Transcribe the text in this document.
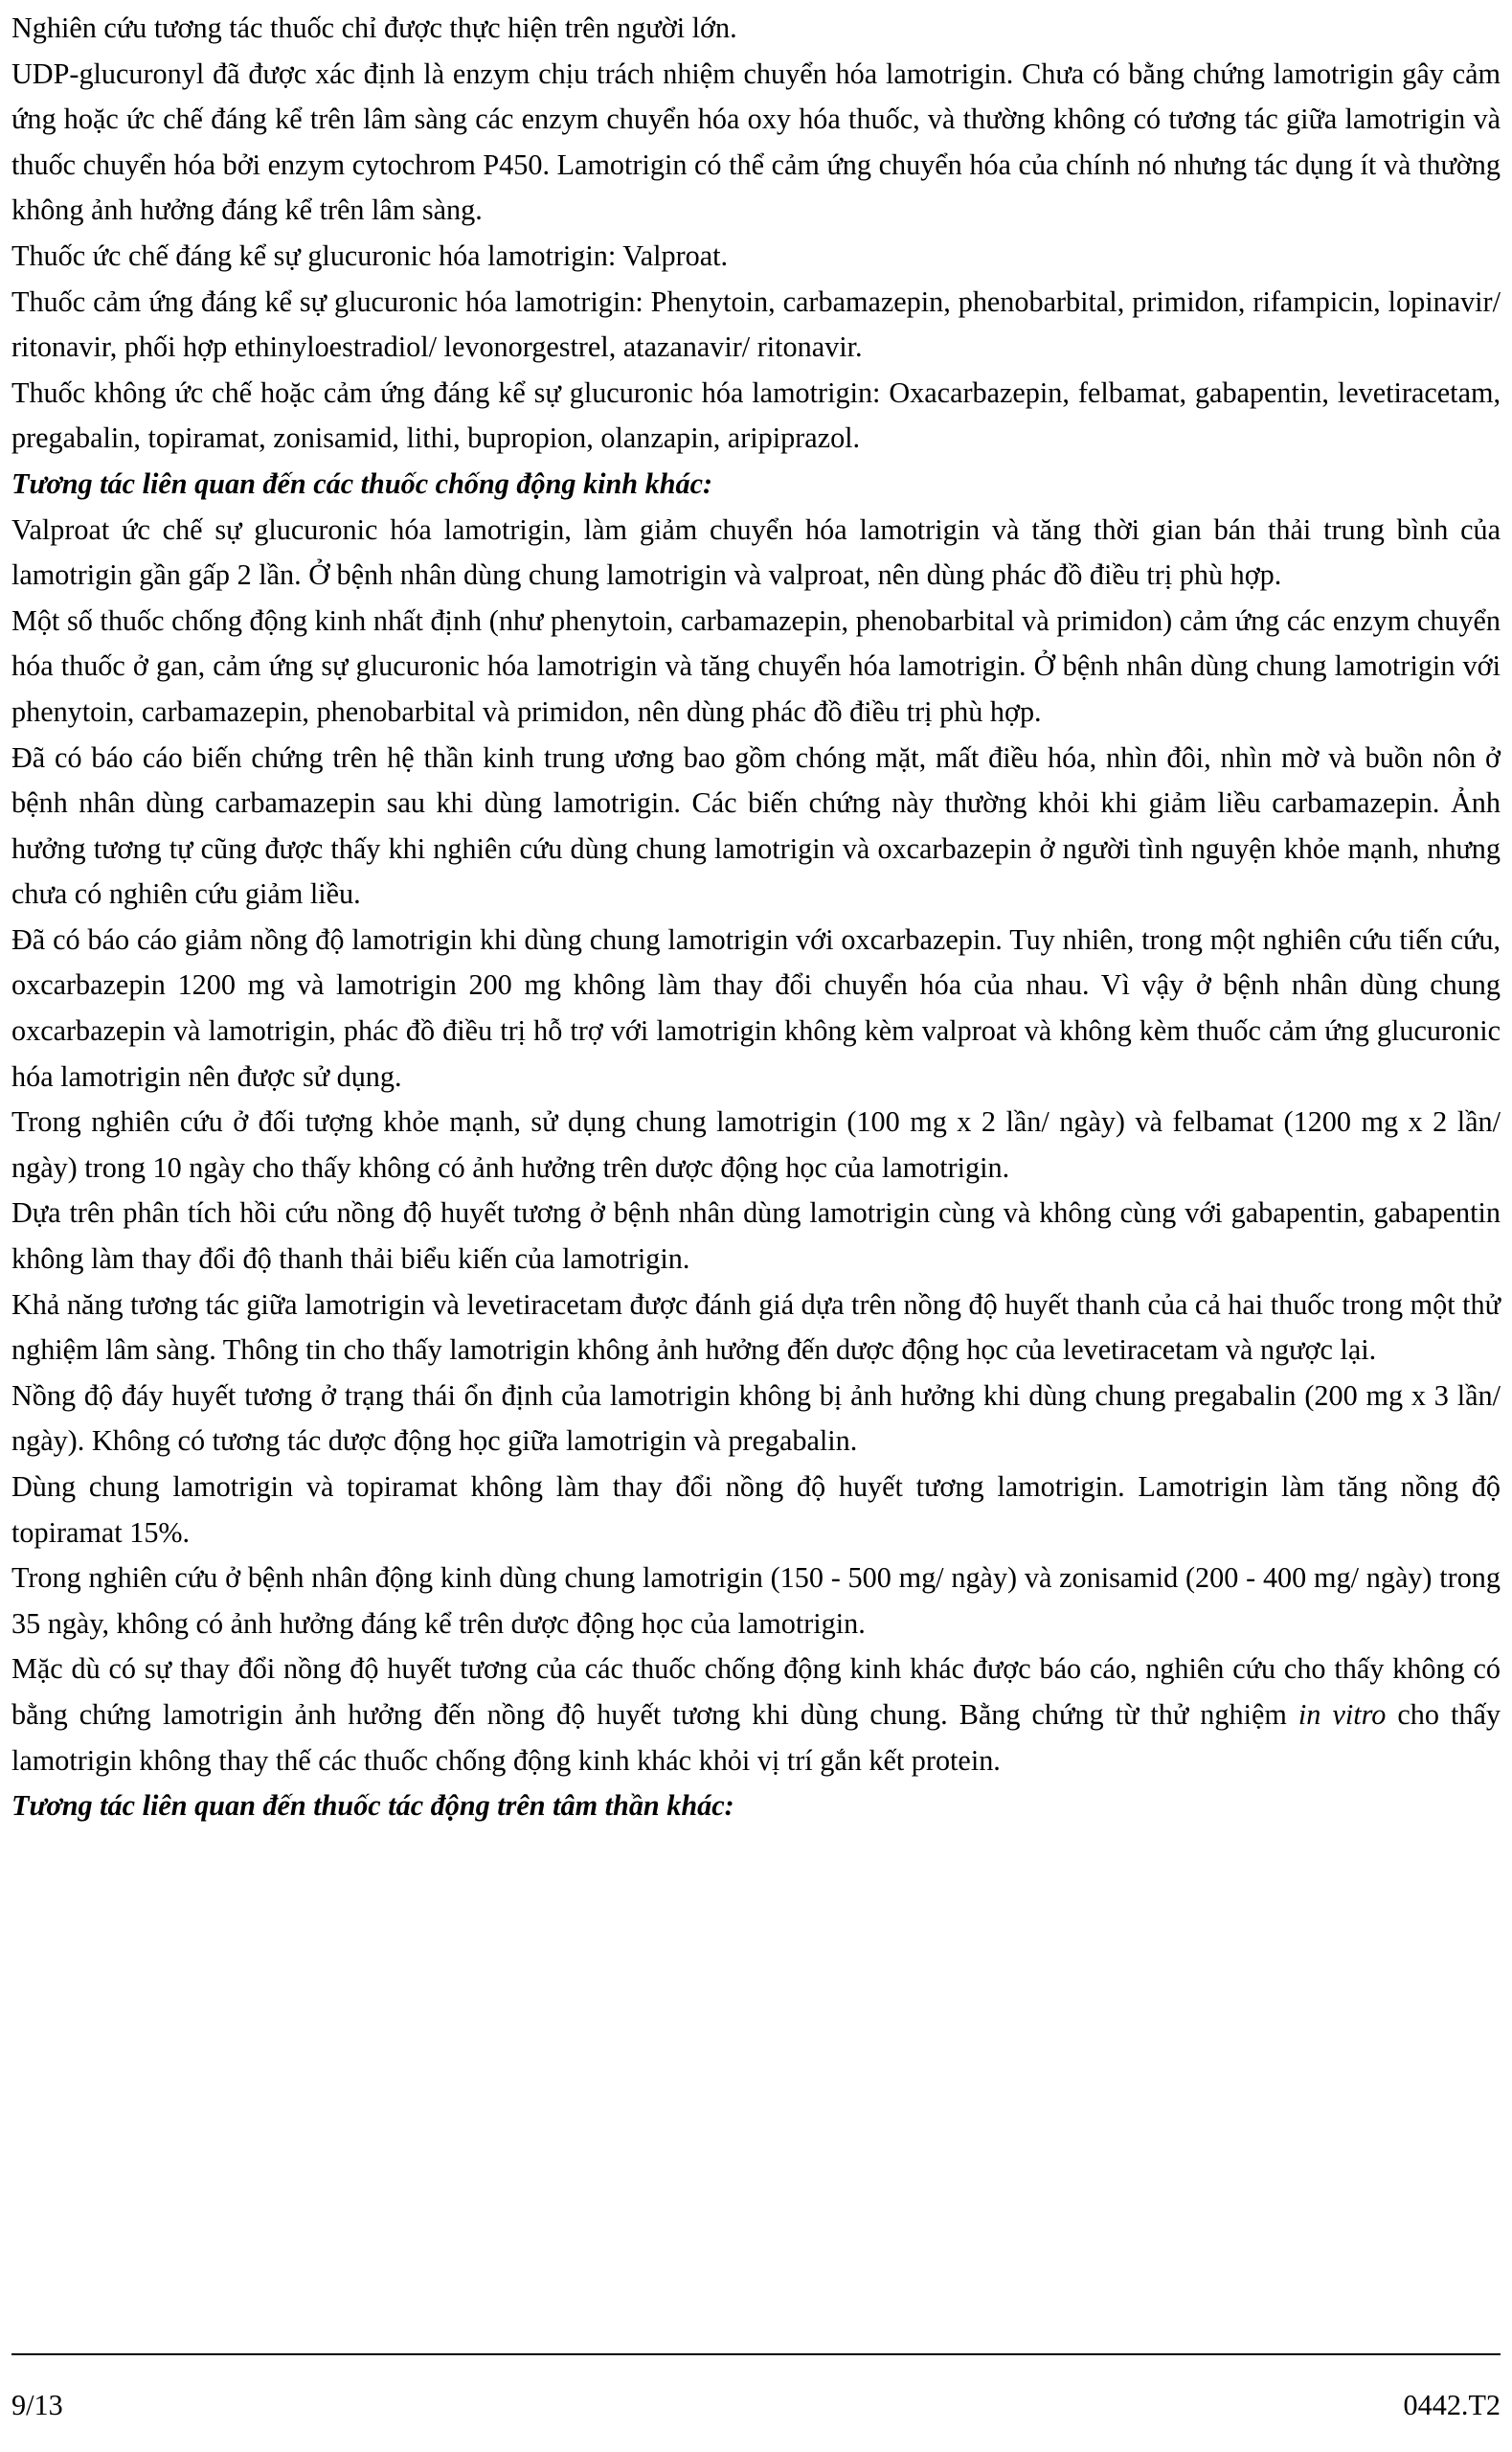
Nghiên cứu tương tác thuốc chỉ được thực hiện trên người lớn.

UDP-glucuronyl đã được xác định là enzym chịu trách nhiệm chuyển hóa lamotrigin. Chưa có bằng chứng lamotrigin gây cảm ứng hoặc ức chế đáng kể trên lâm sàng các enzym chuyển hóa oxy hóa thuốc, và thường không có tương tác giữa lamotrigin và thuốc chuyển hóa bởi enzym cytochrom P450. Lamotrigin có thể cảm ứng chuyển hóa của chính nó nhưng tác dụng ít và thường không ảnh hưởng đáng kể trên lâm sàng.

Thuốc ức chế đáng kể sự glucuronic hóa lamotrigin: Valproat.

Thuốc cảm ứng đáng kể sự glucuronic hóa lamotrigin: Phenytoin, carbamazepin, phenobarbital, primidon, rifampicin, lopinavir/ ritonavir, phối hợp ethinyloestradiol/ levonorgestrel, atazanavir/ ritonavir.

Thuốc không ức chế hoặc cảm ứng đáng kể sự glucuronic hóa lamotrigin: Oxacarbazepin, felbamat, gabapentin, levetiracetam, pregabalin, topiramat, zonisamid, lithi, bupropion, olanzapin, aripiprazol.

Tương tác liên quan đến các thuốc chống động kinh khác:

Valproat ức chế sự glucuronic hóa lamotrigin, làm giảm chuyển hóa lamotrigin và tăng thời gian bán thải trung bình của lamotrigin gần gấp 2 lần. Ở bệnh nhân dùng chung lamotrigin và valproat, nên dùng phác đồ điều trị phù hợp.

Một số thuốc chống động kinh nhất định (như phenytoin, carbamazepin, phenobarbital và primidon) cảm ứng các enzym chuyển hóa thuốc ở gan, cảm ứng sự glucuronic hóa lamotrigin và tăng chuyển hóa lamotrigin. Ở bệnh nhân dùng chung lamotrigin với phenytoin, carbamazepin, phenobarbital và primidon, nên dùng phác đồ điều trị phù hợp.

Đã có báo cáo biến chứng trên hệ thần kinh trung ương bao gồm chóng mặt, mất điều hóa, nhìn đôi, nhìn mờ và buồn nôn ở bệnh nhân dùng carbamazepin sau khi dùng lamotrigin. Các biến chứng này thường khỏi khi giảm liều carbamazepin. Ảnh hưởng tương tự cũng được thấy khi nghiên cứu dùng chung lamotrigin và oxcarbazepin ở người tình nguyện khỏe mạnh, nhưng chưa có nghiên cứu giảm liều.

Đã có báo cáo giảm nồng độ lamotrigin khi dùng chung lamotrigin với oxcarbazepin. Tuy nhiên, trong một nghiên cứu tiến cứu, oxcarbazepin 1200 mg và lamotrigin 200 mg không làm thay đổi chuyển hóa của nhau. Vì vậy ở bệnh nhân dùng chung oxcarbazepin và lamotrigin, phác đồ điều trị hỗ trợ với lamotrigin không kèm valproat và không kèm thuốc cảm ứng glucuronic hóa lamotrigin nên được sử dụng.

Trong nghiên cứu ở đối tượng khỏe mạnh, sử dụng chung lamotrigin (100 mg x 2 lần/ ngày) và felbamat (1200 mg x 2 lần/ ngày) trong 10 ngày cho thấy không có ảnh hưởng trên dược động học của lamotrigin.

Dựa trên phân tích hồi cứu nồng độ huyết tương ở bệnh nhân dùng lamotrigin cùng và không cùng với gabapentin, gabapentin không làm thay đổi độ thanh thải biểu kiến của lamotrigin.

Khả năng tương tác giữa lamotrigin và levetiracetam được đánh giá dựa trên nồng độ huyết thanh của cả hai thuốc trong một thử nghiệm lâm sàng. Thông tin cho thấy lamotrigin không ảnh hưởng đến dược động học của levetiracetam và ngược lại.

Nồng độ đáy huyết tương ở trạng thái ổn định của lamotrigin không bị ảnh hưởng khi dùng chung pregabalin (200 mg x 3 lần/ ngày). Không có tương tác dược động học giữa lamotrigin và pregabalin.

Dùng chung lamotrigin và topiramat không làm thay đổi nồng độ huyết tương lamotrigin. Lamotrigin làm tăng nồng độ topiramat 15%.

Trong nghiên cứu ở bệnh nhân động kinh dùng chung lamotrigin (150 - 500 mg/ ngày) và zonisamid (200 - 400 mg/ ngày) trong 35 ngày, không có ảnh hưởng đáng kể trên dược động học của lamotrigin.

Mặc dù có sự thay đổi nồng độ huyết tương của các thuốc chống động kinh khác được báo cáo, nghiên cứu cho thấy không có bằng chứng lamotrigin ảnh hưởng đến nồng độ huyết tương khi dùng chung. Bằng chứng từ thử nghiệm in vitro cho thấy lamotrigin không thay thế các thuốc chống động kinh khác khỏi vị trí gắn kết protein.

Tương tác liên quan đến thuốc tác động trên tâm thần khác:

9/13	0442.T2
